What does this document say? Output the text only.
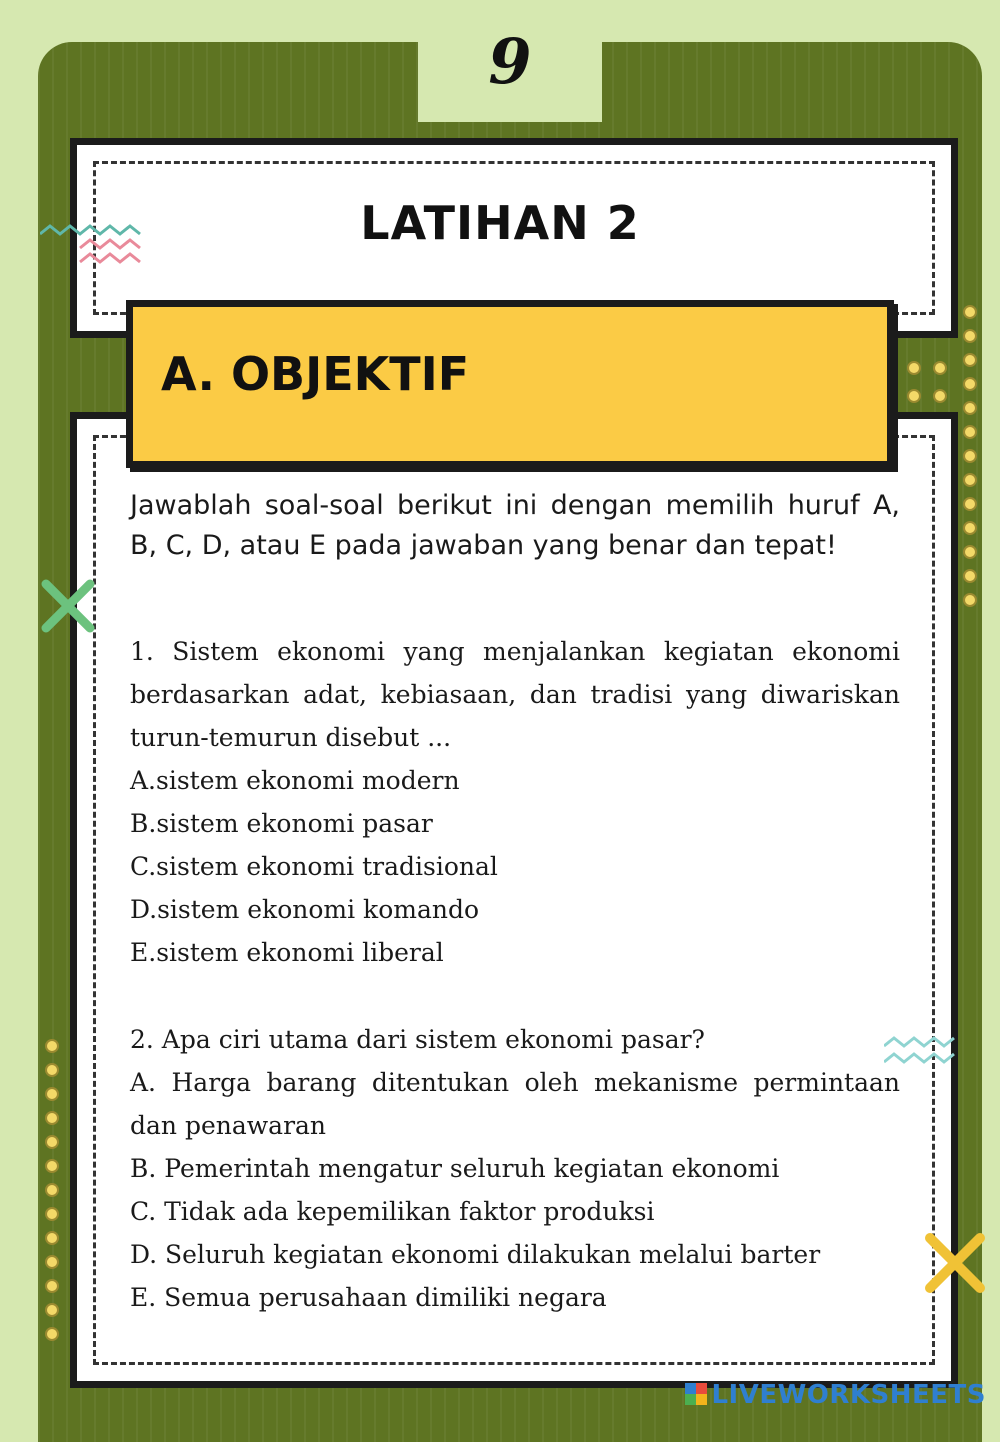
9
LATIHAN 2
A. OBJEKTIF
Jawablah soal-soal berikut ini dengan memilih huruf A, B, C, D, atau E pada jawaban yang benar dan tepat!
1. Sistem ekonomi yang menjalankan kegiatan ekonomi berdasarkan adat, kebiasaan, dan tradisi yang diwariskan turun-temurun disebut ...
A.sistem ekonomi modern
B.sistem ekonomi pasar
C.sistem ekonomi tradisional
D.sistem ekonomi komando
E.sistem ekonomi liberal
2. Apa ciri utama dari sistem ekonomi pasar?
A. Harga barang ditentukan oleh mekanisme permintaan dan penawaran
B. Pemerintah mengatur seluruh kegiatan ekonomi
C. Tidak ada kepemilikan faktor produksi
D. Seluruh kegiatan ekonomi dilakukan melalui barter
E. Semua perusahaan dimiliki negara
LIVEWORKSHEETS
